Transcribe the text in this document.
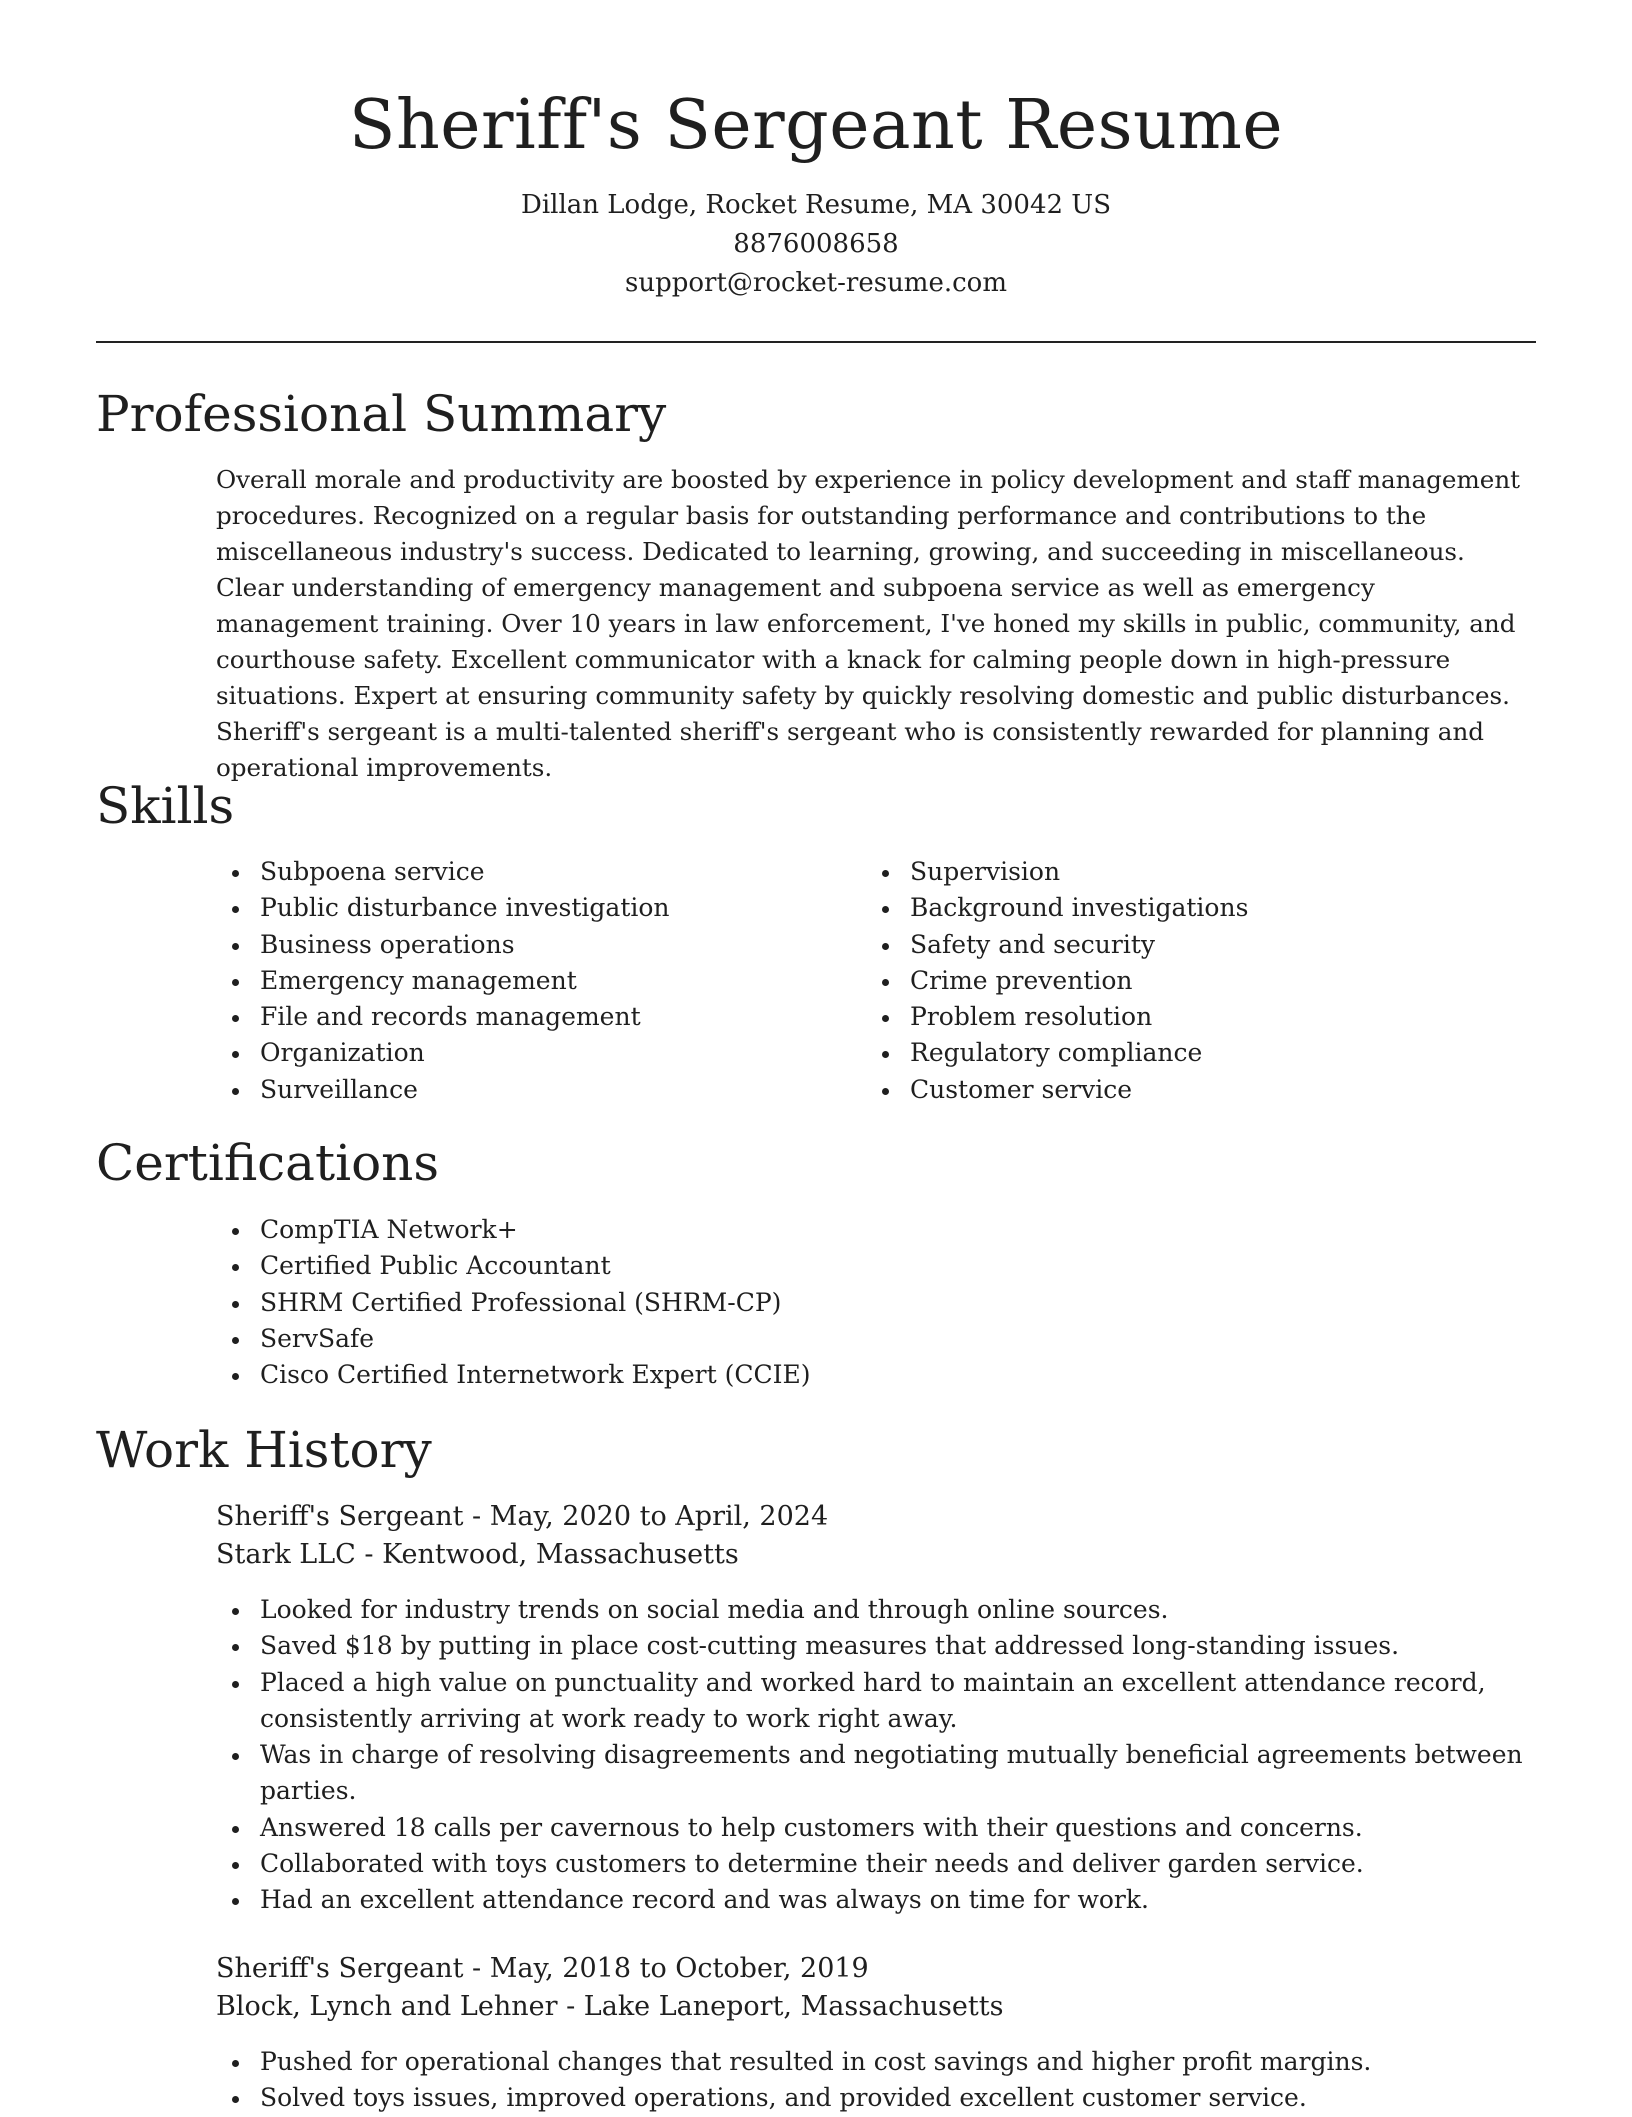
Sheriff's Sergeant Resume

Dillan Lodge, Rocket Resume, MA 30042 US

8876008658

support@rocket-resume.com

Professional Summary

Overall morale and productivity are boosted by experience in policy development and staff management procedures. Recognized on a regular basis for outstanding performance and contributions to the miscellaneous industry's success. Dedicated to learning, growing, and succeeding in miscellaneous. Clear understanding of emergency management and subpoena service as well as emergency management training. Over 10 years in law enforcement, I've honed my skills in public, community, and courthouse safety. Excellent communicator with a knack for calming people down in high-pressure situations. Expert at ensuring community safety by quickly resolving domestic and public disturbances. Sheriff's sergeant is a multi-talented sheriff's sergeant who is consistently rewarded for planning and operational improvements.

Skills
Subpoena service
Public disturbance investigation
Business operations
Emergency management
File and records management
Organization
Surveillance
Supervision
Background investigations
Safety and security
Crime prevention
Problem resolution
Regulatory compliance
Customer service
Certifications
CompTIA Network+
Certified Public Accountant
SHRM Certified Professional (SHRM-CP)
ServSafe
Cisco Certified Internetwork Expert (CCIE)
Work History

Sheriff's Sergeant - May, 2020 to April, 2024

Stark LLC - Kentwood, Massachusetts

Looked for industry trends on social media and through online sources.
Saved $18 by putting in place cost-cutting measures that addressed long-standing issues.
Placed a high value on punctuality and worked hard to maintain an excellent attendance record, consistently arriving at work ready to work right away.
Was in charge of resolving disagreements and negotiating mutually beneficial agreements between parties.
Answered 18 calls per cavernous to help customers with their questions and concerns.
Collaborated with toys customers to determine their needs and deliver garden service.
Had an excellent attendance record and was always on time for work.

Sheriff's Sergeant - May, 2018 to October, 2019

Block, Lynch and Lehner - Lake Laneport, Massachusetts

Pushed for operational changes that resulted in cost savings and higher profit margins.
Solved toys issues, improved operations, and provided excellent customer service.
